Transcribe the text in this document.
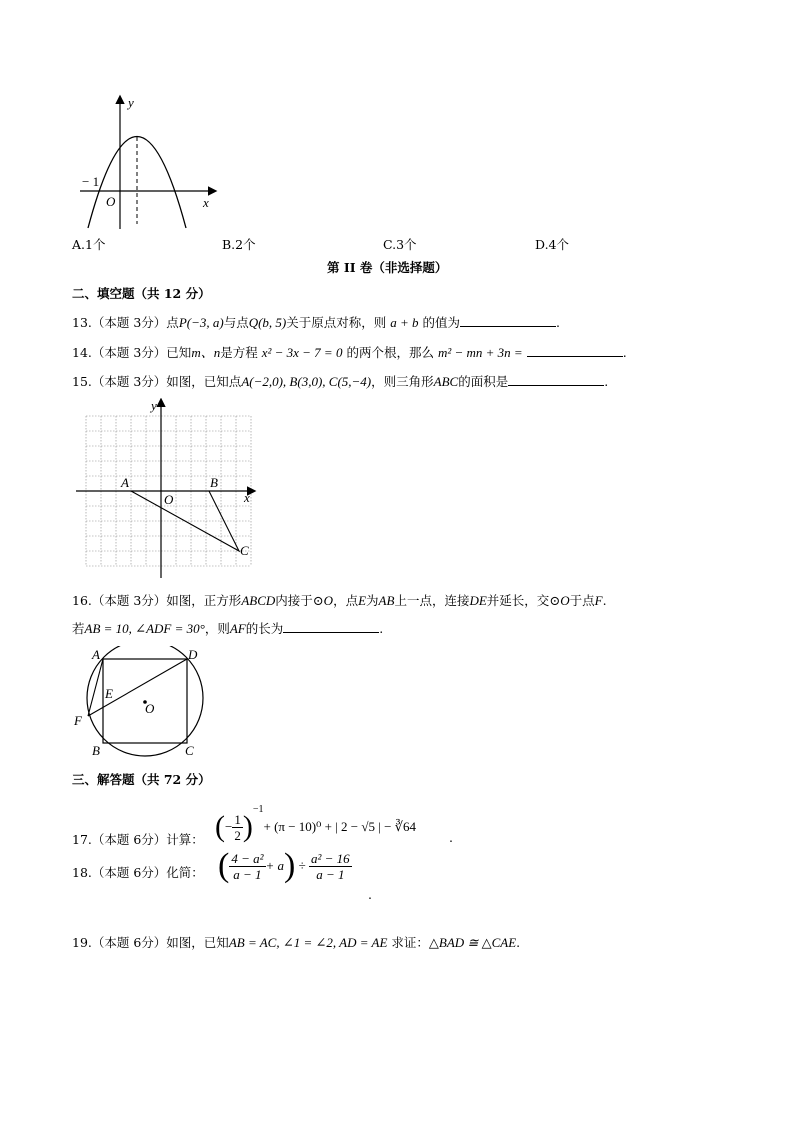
y
x
O
− 1
A.1个	B.2个	C.3个	D.4个
第 II 卷（非选择题）
二、填空题（共 12 分）
13.（本题 3分）点P(−3, a)与点Q(b, 5)关于原点对称，则 a + b 的值为	.
14.（本题 3分）已知m、n是方程 x² − 3x − 7 = 0 的两个根，那么 m² − mn + 3n =	.
15.（本题 3分）如图，已知点A(−2,0), B(3,0), C(5,−4)，则三角形ABC的面积是	.
y
x
A	B
C
O
16.（本题 3分）如图，正方形ABCD内接于⊙O，点E为AB上一点，连接DE并延长，交⊙O于点F.
若AB = 10, ∠ADF = 30°，则AF的长为	.
A	D
E
O
F
B	C
三、解答题（共 72 分）
17.（本题 6分）计算： (− $\frac{1}{2} )^{-1}+ (\pi - 10)^0$ + | 2 − √5 | − ∛64
.
18.（本题 6分）化简： ( $\frac{\text{4 − a²}}{a - 1} + a) \div \frac{\text{a² − 16}}{a - 1}$
.
19.（本题 6分）如图，已知AB = AC, ∠1 = ∠2, AD = AE 求证：△BAD ≅ △CAE.
